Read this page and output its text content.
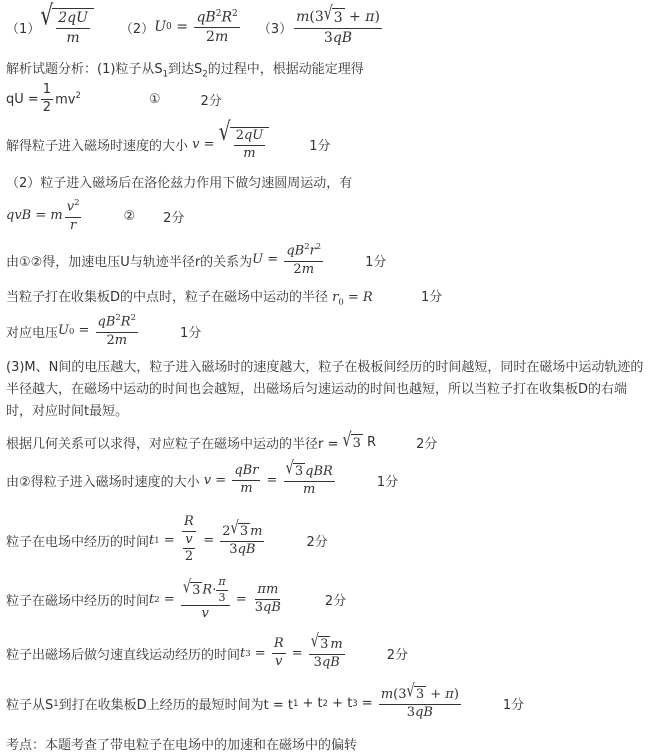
（1） √ $\frac{2qU}{m} (2)$ U 0
=
$\frac{qB^2R^2}{2m} (3) \frac{m(3 √ 3 + \pi)}{3qB}$
解析试题分析：(1)粒子从$S_1$到达$S_2$的过程中，根据动能定理得
qU = $\frac{1}{2} mv^2$	①	2分
解得粒子进入磁场时速度的大小 v =
√ $\frac{2qU}{m}$	1分
（2）粒子进入磁场后在洛伦兹力作用下做匀速圆周运动，有
qvB = m $\frac{v^2}{r}$	② 2分
由①②得，加速电压U与轨迹半径r的关系为 U =
$\frac{qB^2r^2}{2m}$	1分
当粒子打在收集板D的中点时，粒子在磁场中运动的半径 $r_0 = R$	1分
对应电压 U 0
=
$\frac{qB^2R^2}{2m}$	1分
(3)M、N间的电压越大，粒子进入磁场时的速度越大，粒子在极板间经历的时间越短，同时在磁场中运动轨迹的半径越大，在磁场中运动的时间也会越短，出磁场后匀速运动的时间也越短，所以当粒子打在收集板D的右端时，对应时间t最短。
根据几何关系可以求得，对应粒子在磁场中运动的半径r =
√ 3 R	2分
由②得粒子进入磁场时速度的大小 v =
$\frac{\text{qBr}}{m} = \frac{\text{√ 3 qBR}}{m}$	1分
粒子在电场中经历的时间 t 1
=
$\frac{R}{\frac{v}{2}} = \frac{2 √ 3 m}{3qB}$	2分
粒子在磁场中经历的时间 t 2
=
$\frac{√ 3 R\cdot \frac{\pi}{3}}{v} = \frac{\pi m}{3qB}$	2分
粒子出磁场后做匀速直线运动经历的时间 t 3
=
$\frac{R}{v} = \frac{√ 3 m}{3qB}$	2分
粒子从S 1 到打在收集板D上经历的最短时间为t = t 1 + t 2 + t $3 = \frac{m(3 √ 3 + \pi)}{3qB}$	1分
考点：本题考查了带电粒子在电场中的加速和在磁场中的偏转
